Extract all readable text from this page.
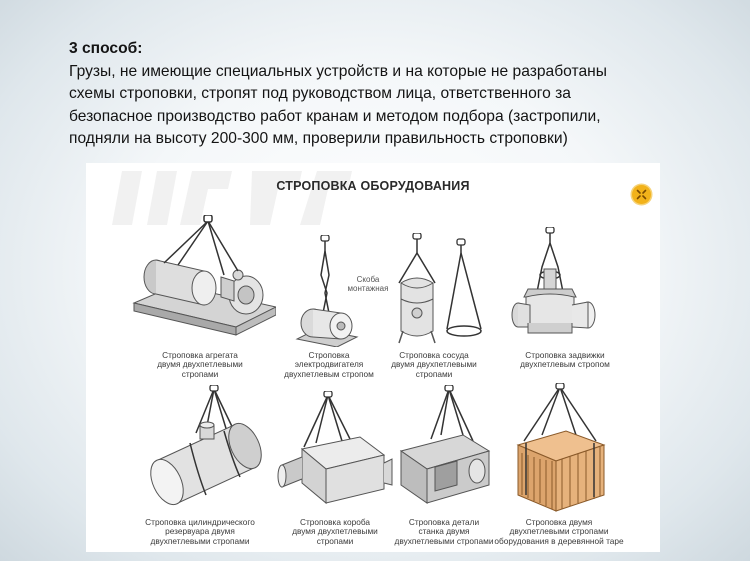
3 способ:
Грузы, не имеющие специальных устройств и на которые не разработаны
схемы строповки, стропят под руководством лица, ответственного за
безопасное производство работ кранам и методом подбора (застропили,
подняли на высоту 200-300 мм, проверили правильность строповки)
СТРОПОВКА ОБОРУДОВАНИЯ
Строповка агрегата
двумя двухпетлевыми
стропами
Скоба
монтажная
Строповка
электродвигателя
двухпетлевым стропом
Строповка сосуда
двумя двухпетлевыми
стропами
Строповка задвижки
двухпетлевым стропом
Строповка цилиндрического
резервуара двумя
двухпетлевыми стропами
Строповка короба
двумя двухпетлевыми
стропами
Строповка детали
станка двумя
двухпетлевыми стропами
Строповка двумя
двухпетлевыми стропами
оборудования в деревянной таре
